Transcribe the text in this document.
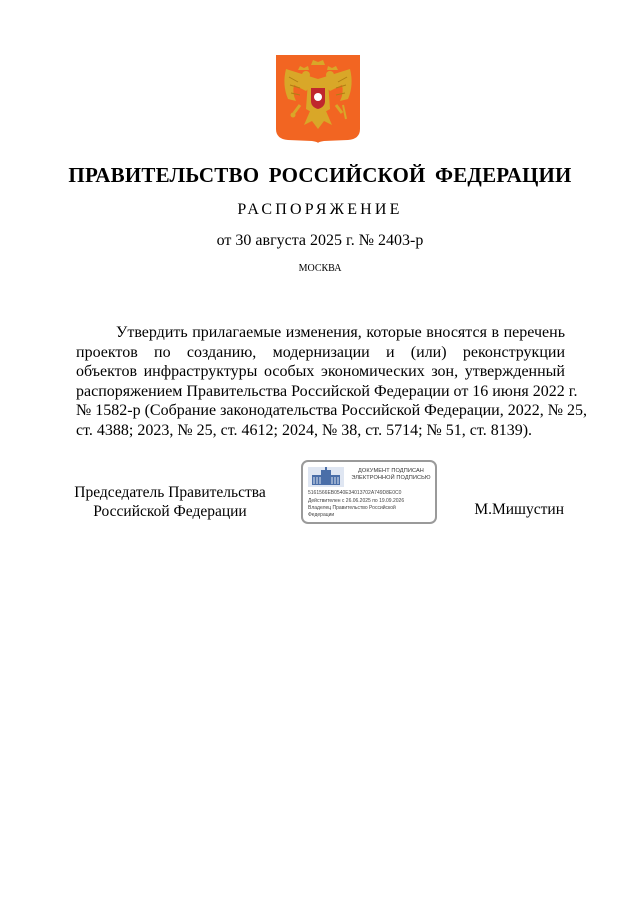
ПРАВИТЕЛЬСТВО РОССИЙСКОЙ ФЕДЕРАЦИИ
РАСПОРЯЖЕНИЕ
от 30 августа 2025 г. № 2403-р
МОСКВА
Утвердить прилагаемые изменения, которые вносятся в перечень
проектов по созданию, модернизации и (или) реконструкции
объектов инфраструктуры особых экономических зон, утвержденный
распоряжением Правительства Российской Федерации от 16 июня 2022 г.
№ 1582-р (Собрание законодательства Российской Федерации, 2022, № 25,
ст. 4388; 2023, № 25, ст. 4612; 2024, № 38, ст. 5714; № 51, ст. 8139).
Председатель Правительства
Российской Федерации
ДОКУМЕНТ ПОДПИСАН
ЭЛЕКТРОННОЙ ПОДПИСЬЮ
5161566EB0540E34013702A749D8E0C0
Действителен с 26.06.2025 по 19.09.2026
Владелец Правительство Российской
Федерации	М.Мишустин
